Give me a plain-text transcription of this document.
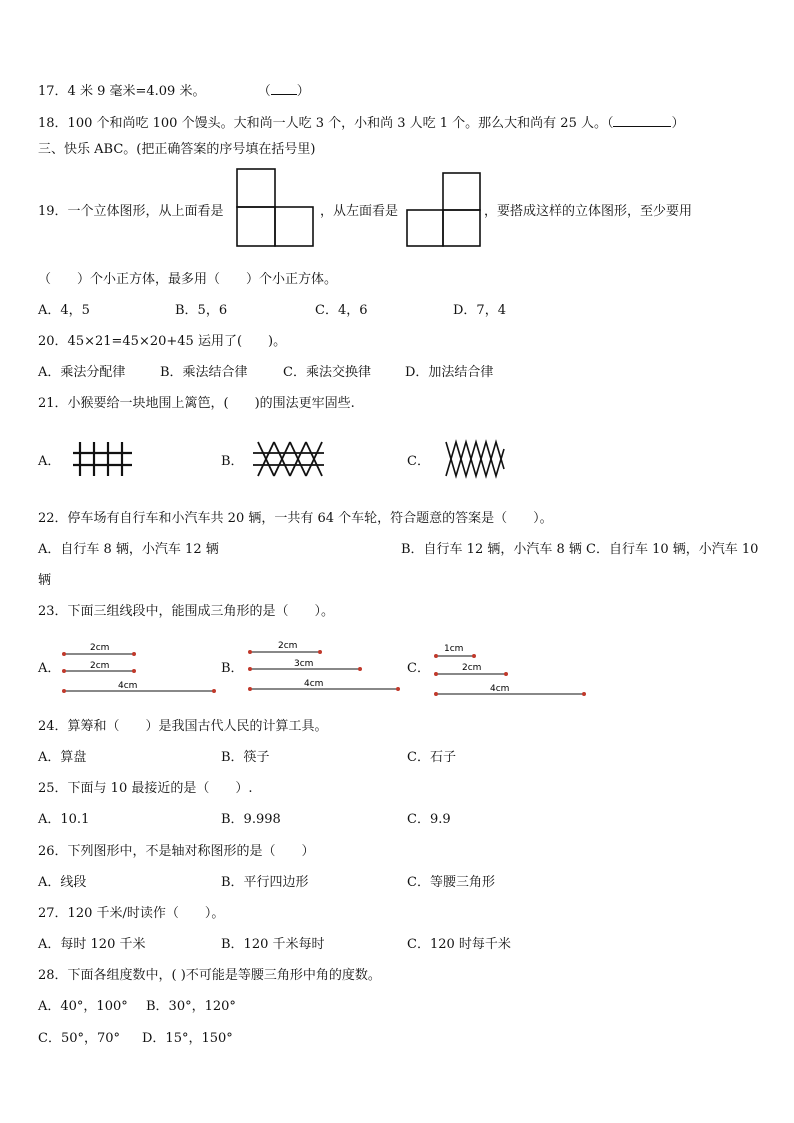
17．4 米 9 毫米=4.09 米。	（ ）
18．100 个和尚吃 100 个馒头。大和尚一人吃 3 个，小和尚 3 人吃 1 个。那么大和尚有 25 人。（	）
三、快乐 ABC。(把正确答案的序号填在括号里)
19．一个立体图形，从上面看是	，从左面看是	，要搭成这样的立体图形，至少要用
（　　）个小正方体，最多用（　　）个小正方体。
A．4，5	B．5，6	C．4，6	D．7，4
20．45×21=45×20+45 运用了(　　)。
A．乘法分配律	B．乘法结合律	C．乘法交换律	D．加法结合律
21．小猴要给一块地围上篱笆，(　　)的围法更牢固些.
A．	B．	C．
22．停车场有自行车和小汽车共 20 辆，一共有 64 个车轮，符合题意的答案是（　　）。
A．自行车 8 辆，小汽车 12 辆	B．自行车 12 辆，小汽车 8 辆 C．自行车 10 辆，小汽车 10
辆
23．下面三组线段中，能围成三角形的是（　　）。
A．
2cm
2cm
4cm
B．
2cm
3cm
4cm
C．
1cm
2cm
4cm
24．算筹和（　　）是我国古代人民的计算工具。
A．算盘	B．筷子	C．石子
25．下面与 10 最接近的是（　　）.
A．10.1	B．9.998	C．9.9
26．下列图形中，不是轴对称图形的是（　　）
A．线段	B．平行四边形	C．等腰三角形
27．120 千米/时读作（　　）。
A．每时 120 千米	B．120 千米每时	C．120 时每千米
28．下面各组度数中，( )不可能是等腰三角形中角的度数。
A．40°，100° B．30°，120°
C．50°，70° D．15°，150°
